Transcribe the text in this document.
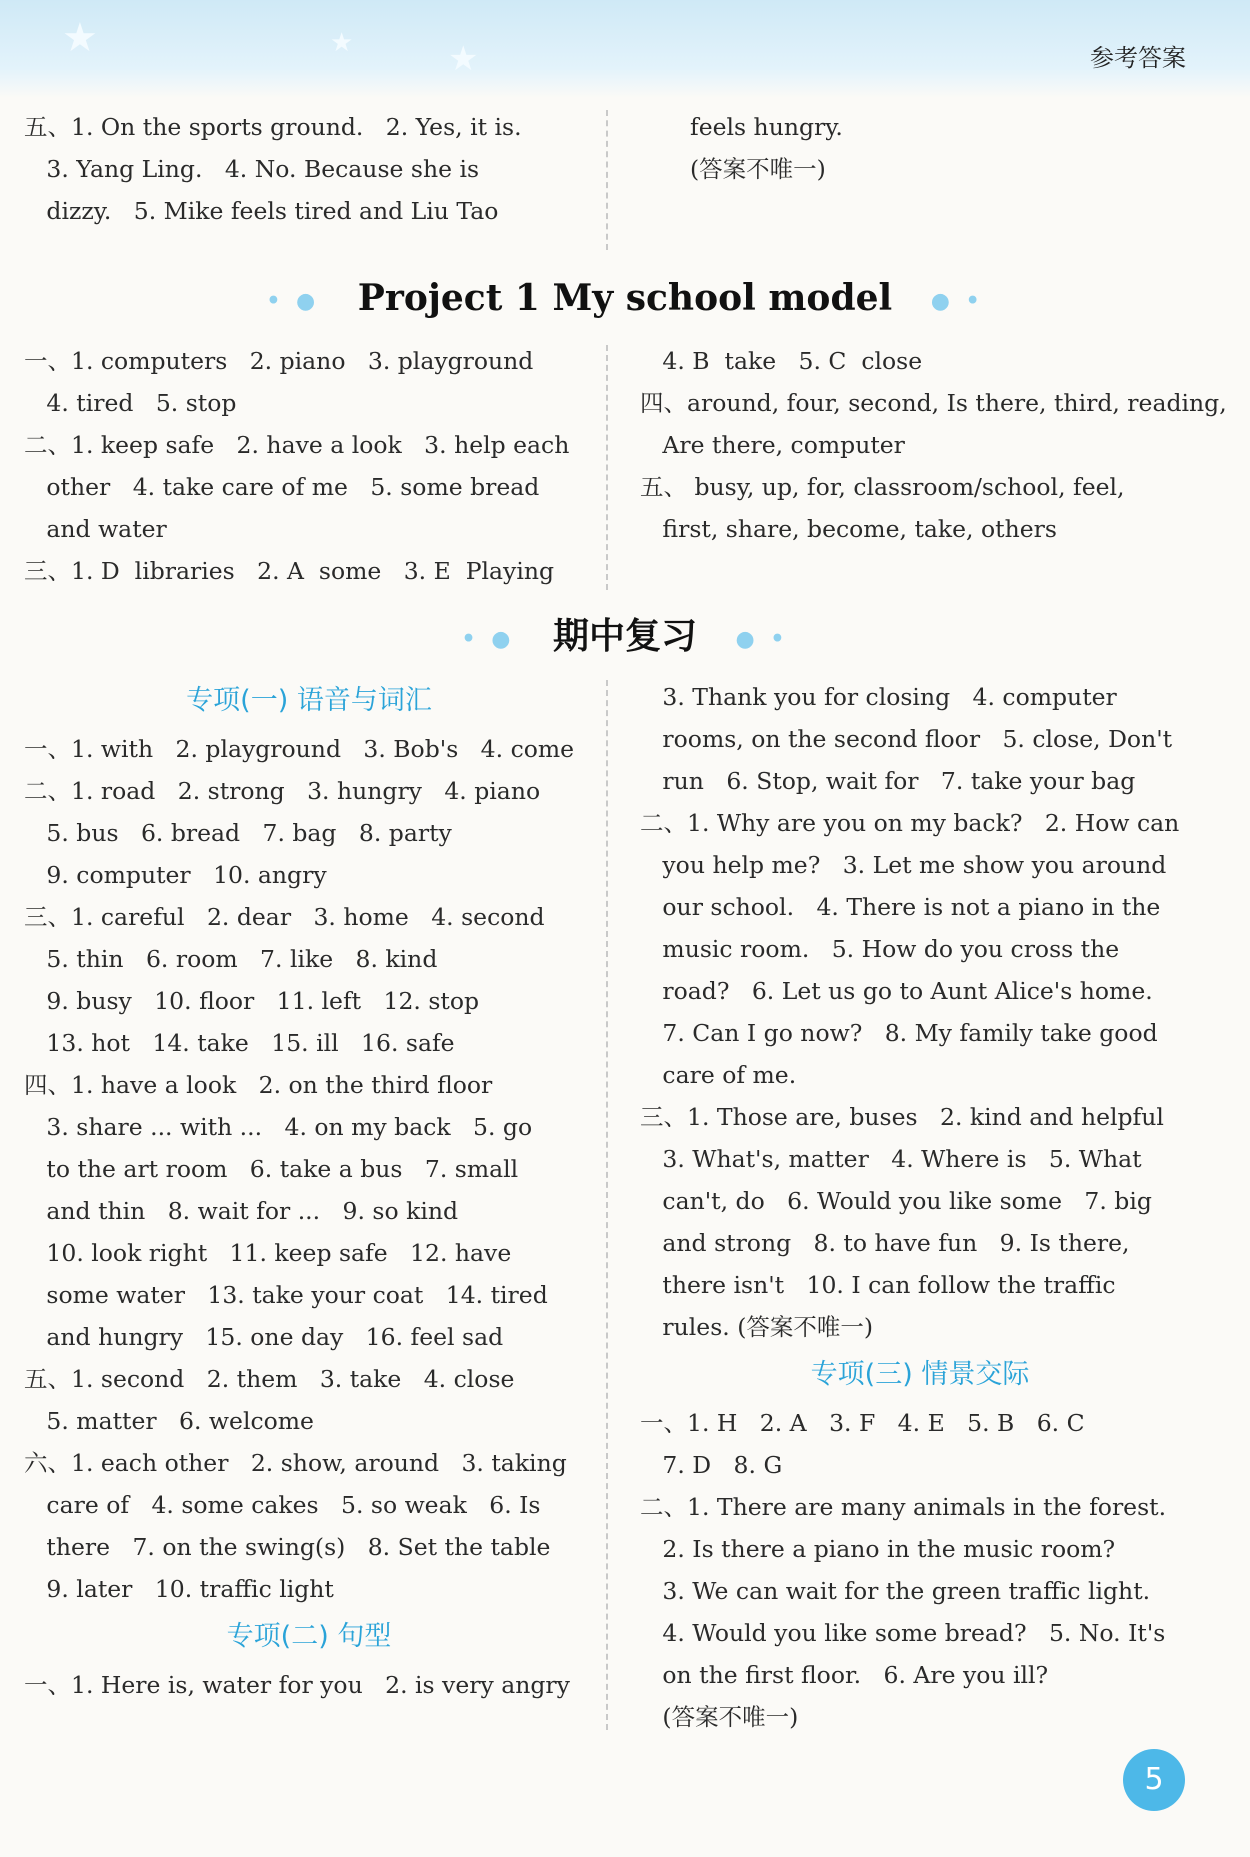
★	★	★	参考答案
五、1. On the sports ground.   2. Yes, it is.
3. Yang Ling.   4. No. Because she is
dizzy.   5. Mike feels tired and Liu Tao
feels hungry.
(答案不唯一)
• ● Project 1 My school model ● •
一、1. computers   2. piano   3. playground
4. tired   5. stop
二、1. keep safe   2. have a look   3. help each
other   4. take care of me   5. some bread
and water
三、1. D  libraries   2. A  some   3. E  Playing
4. B  take   5. C  close
四、around, four, second, Is there, third, reading,
Are there, computer
五、 busy, up, for, classroom/school, feel,
first, share, become, take, others
• ● 期中复习 ● •
专项(一) 语音与词汇
一、1. with   2. playground   3. Bob's   4. come
二、1. road   2. strong   3. hungry   4. piano
5. bus   6. bread   7. bag   8. party
9. computer   10. angry
三、1. careful   2. dear   3. home   4. second
5. thin   6. room   7. like   8. kind
9. busy   10. floor   11. left   12. stop
13. hot   14. take   15. ill   16. safe
四、1. have a look   2. on the third floor
3. share ... with ...   4. on my back   5. go
to the art room   6. take a bus   7. small
and thin   8. wait for ...   9. so kind
10. look right   11. keep safe   12. have
some water   13. take your coat   14. tired
and hungry   15. one day   16. feel sad
五、1. second   2. them   3. take   4. close
5. matter   6. welcome
六、1. each other   2. show, around   3. taking
care of   4. some cakes   5. so weak   6. Is
there   7. on the swing(s)   8. Set the table
9. later   10. traffic light
专项(二) 句型
一、1. Here is, water for you   2. is very angry
3. Thank you for closing   4. computer
rooms, on the second floor   5. close, Don't
run   6. Stop, wait for   7. take your bag
二、1. Why are you on my back?   2. How can
you help me?   3. Let me show you around
our school.   4. There is not a piano in the
music room.   5. How do you cross the
road?   6. Let us go to Aunt Alice's home.
7. Can I go now?   8. My family take good
care of me.
三、1. Those are, buses   2. kind and helpful
3. What's, matter   4. Where is   5. What
can't, do   6. Would you like some   7. big
and strong   8. to have fun   9. Is there,
there isn't   10. I can follow the traffic
rules. (答案不唯一)
专项(三) 情景交际
一、1. H   2. A   3. F   4. E   5. B   6. C
7. D   8. G
二、1. There are many animals in the forest.
2. Is there a piano in the music room?
3. We can wait for the green traffic light.
4. Would you like some bread?   5. No. It's
on the first floor.   6. Are you ill?
(答案不唯一)
5
